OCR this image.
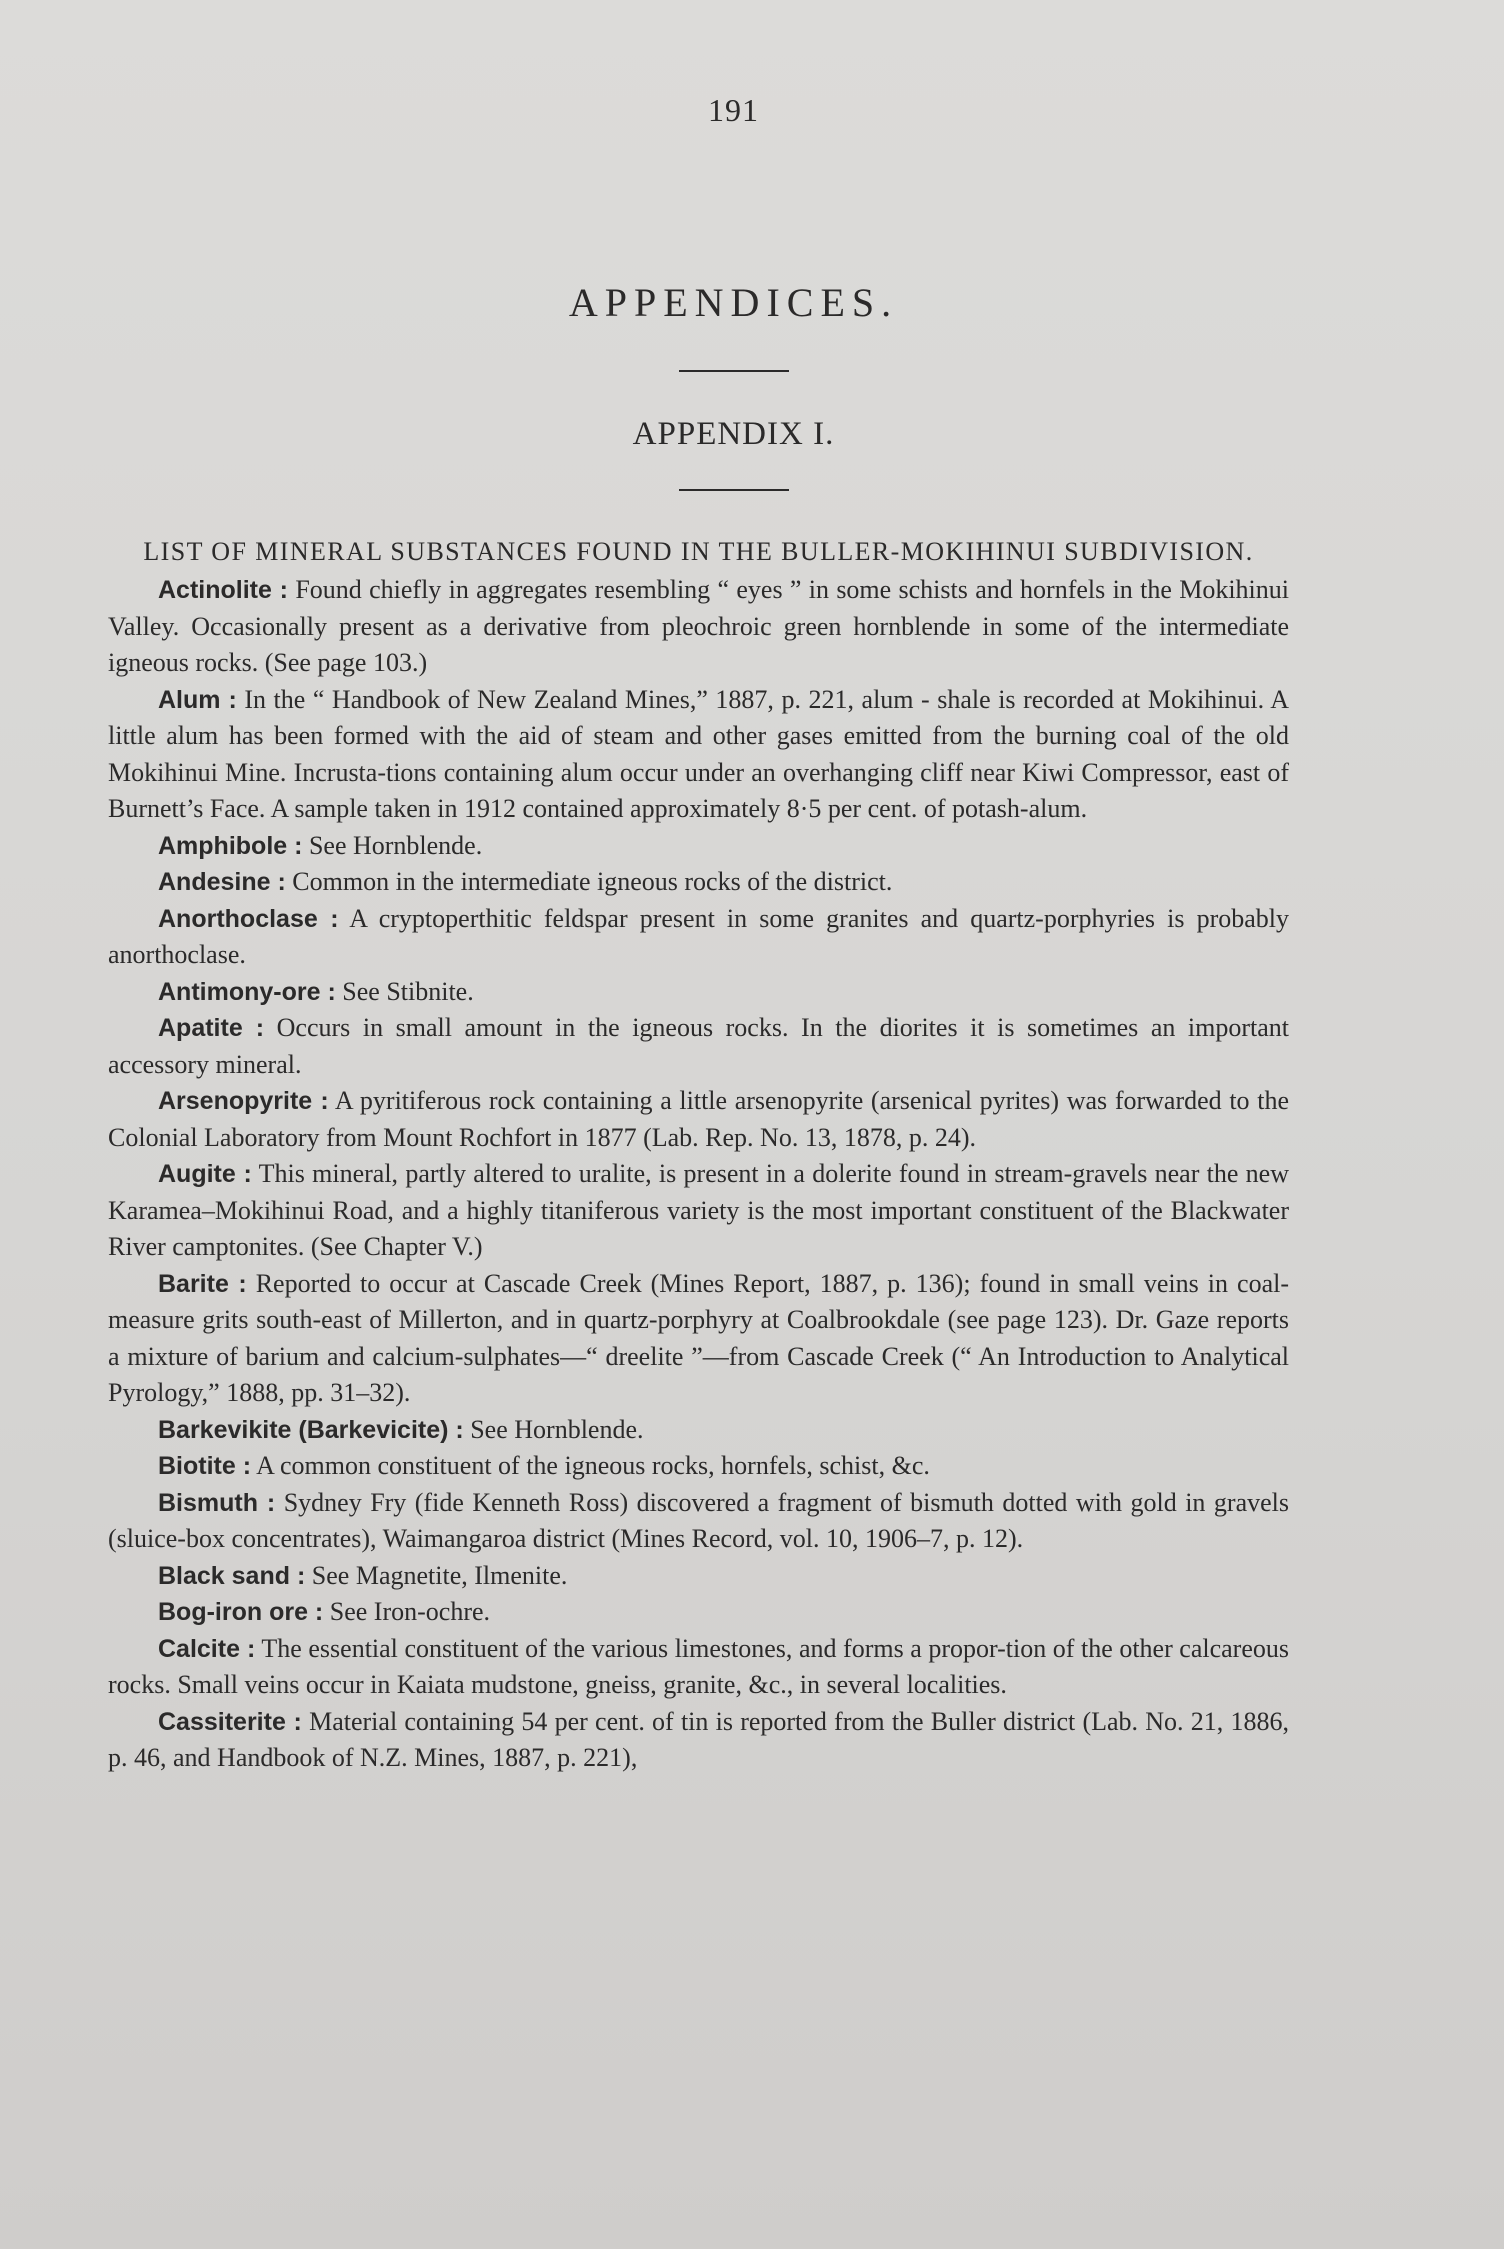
191
APPENDICES.
APPENDIX I.
LIST OF MINERAL SUBSTANCES FOUND IN THE BULLER-MOKIHINUI SUBDIVISION.

Actinolite : Found chiefly in aggregates resembling “ eyes ” in some schists and hornfels in the Mokihinui Valley. Occasionally present as a derivative from pleochroic green hornblende in some of the intermediate igneous rocks. (See page 103.)

Alum : In the “ Handbook of New Zealand Mines,” 1887, p. 221, alum - shale is recorded at Mokihinui. A little alum has been formed with the aid of steam and other gases emitted from the burning coal of the old Mokihinui Mine. Incrusta-tions containing alum occur under an overhanging cliff near Kiwi Compressor, east of Burnett’s Face. A sample taken in 1912 contained approximately 8·5 per cent. of potash-alum.

Amphibole : See Hornblende.

Andesine : Common in the intermediate igneous rocks of the district.

Anorthoclase : A cryptoperthitic feldspar present in some granites and quartz-porphyries is probably anorthoclase.

Antimony-ore : See Stibnite.

Apatite : Occurs in small amount in the igneous rocks. In the diorites it is sometimes an important accessory mineral.

Arsenopyrite : A pyritiferous rock containing a little arsenopyrite (arsenical pyrites) was forwarded to the Colonial Laboratory from Mount Rochfort in 1877 (Lab. Rep. No. 13, 1878, p. 24).

Augite : This mineral, partly altered to uralite, is present in a dolerite found in stream-gravels near the new Karamea–Mokihinui Road, and a highly titaniferous variety is the most important constituent of the Blackwater River camptonites. (See Chapter V.)

Barite : Reported to occur at Cascade Creek (Mines Report, 1887, p. 136); found in small veins in coal-measure grits south-east of Millerton, and in quartz-porphyry at Coalbrookdale (see page 123). Dr. Gaze reports a mixture of barium and calcium-sulphates—“ dreelite ”—from Cascade Creek (“ An Introduction to Analytical Pyrology,” 1888, pp. 31–32).

Barkevikite (Barkevicite) : See Hornblende.

Biotite : A common constituent of the igneous rocks, hornfels, schist, &c.

Bismuth : Sydney Fry (fide Kenneth Ross) discovered a fragment of bismuth dotted with gold in gravels (sluice-box concentrates), Waimangaroa district (Mines Record, vol. 10, 1906–7, p. 12).

Black sand : See Magnetite, Ilmenite.

Bog-iron ore : See Iron-ochre.

Calcite : The essential constituent of the various limestones, and forms a propor-tion of the other calcareous rocks. Small veins occur in Kaiata mudstone, gneiss, granite, &c., in several localities.

Cassiterite : Material containing 54 per cent. of tin is reported from the Buller district (Lab. No. 21, 1886, p. 46, and Handbook of N.Z. Mines, 1887, p. 221),
